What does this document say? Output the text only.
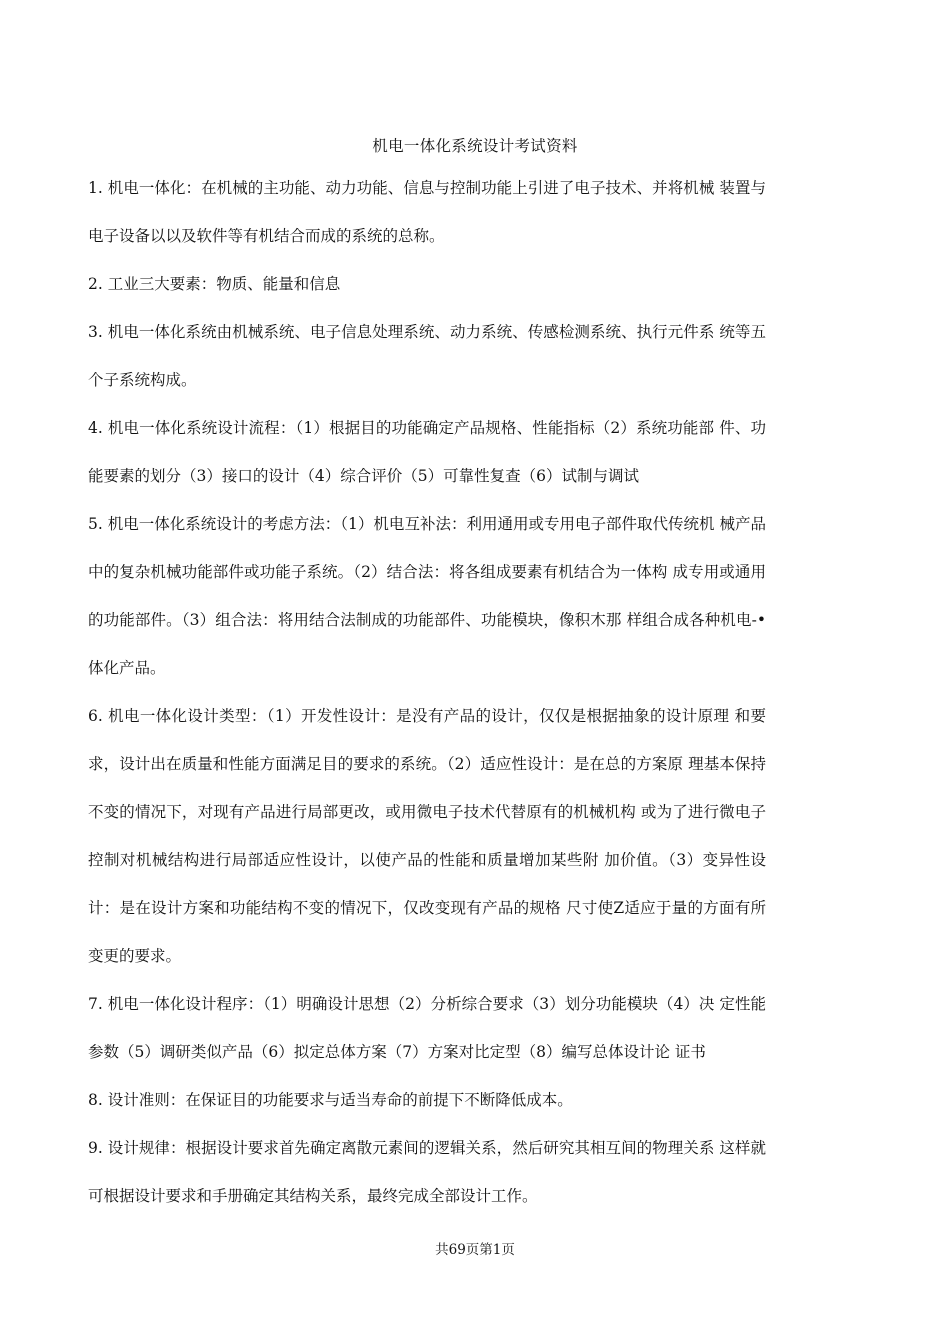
机电一体化系统设计考试资料

1. 机电一体化：在机械的主功能、动力功能、信息与控制功能上引进了电子技术、并将机械 装置与电子设备以以及软件等有机结合而成的系统的总称。

2. 工业三大要素：物质、能量和信息

3. 机电一体化系统由机械系统、电子信息处理系统、动力系统、传感检测系统、执行元件系 统等五个子系统构成。

4. 机电一体化系统设计流程：（1）根据目的功能确定产品规格、性能指标（2）系统功能部 件、功能要素的划分（3）接口的设计（4）综合评价（5）可靠性复查（6）试制与调试

5. 机电一体化系统设计的考虑方法：（1）机电互补法：利用通用或专用电子部件取代传统机 械产品中的复杂机械功能部件或功能子系统。（2）结合法：将各组成要素有机结合为一体构 成专用或通用的功能部件。（3）组合法：将用结合法制成的功能部件、功能模块，像积木那 样组合成各种机电-•体化产品。

6. 机电一体化设计类型：（1）开发性设计：是没有产品的设计，仅仅是根据抽象的设计原理 和要求，设计出在质量和性能方面满足目的要求的系统。（2）适应性设计：是在总的方案原 理基本保持不变的情况下，对现有产品进行局部更改，或用微电子技术代替原有的机械机构 或为了进行微电子控制对机械结构进行局部适应性设计，以使产品的性能和质量增加某些附 加价值。（3）变异性设计：是在设计方案和功能结构不变的情况下，仅改变现有产品的规格 尺寸使Z适应于量的方面有所变更的要求。

7. 机电一体化设计程序：（1）明确设计思想（2）分析综合要求（3）划分功能模块（4）决 定性能参数（5）调研类似产品（6）拟定总体方案（7）方案对比定型（8）编写总体设计论 证书

8. 设计准则：在保证目的功能要求与适当寿命的前提下不断降低成本。

9. 设计规律：根据设计要求首先确定离散元素间的逻辑关系，然后研究其相互间的物理关系 这样就可根据设计要求和手册确定其结构关系，最终完成全部设计工作。

共69页第1页
